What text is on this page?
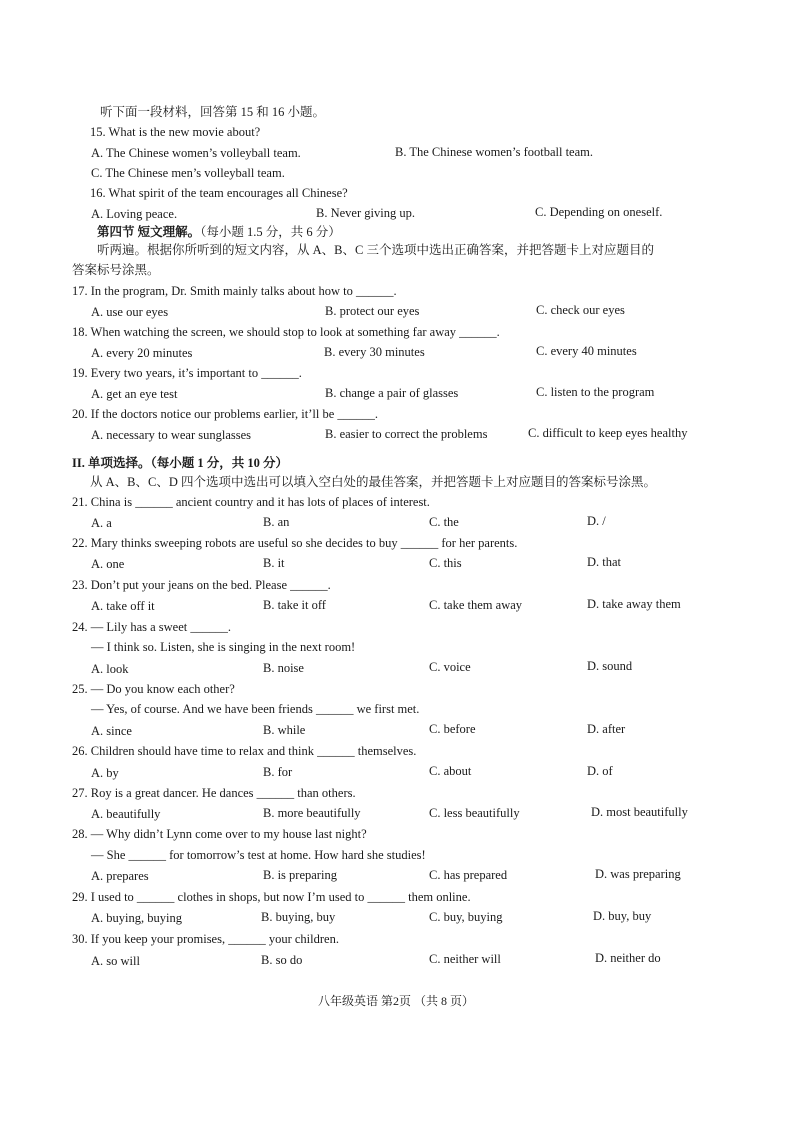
听下面一段材料，回答第 15 和 16 小题。
15. What is the new movie about?
A. The Chinese women’s volleyball team.	B. The Chinese women’s football team.
C. The Chinese men’s volleyball team.
16. What spirit of the team encourages all Chinese?
A. Loving peace.	B. Never giving up.	C. Depending on oneself.
第四节 短文理解。（每小题 1.5 分，共 6 分）
听两遍。根据你所听到的短文内容，从 A、B、C 三个选项中选出正确答案，并把答题卡上对应题目的
答案标号涂黑。
17. In the program, Dr. Smith mainly talks about how to ______.
A. use our eyes	B. protect our eyes	C. check our eyes
18. When watching the screen, we should stop to look at something far away ______.
A. every 20 minutes	B. every 30 minutes	C. every 40 minutes
19. Every two years, it’s important to ______.
A. get an eye test	B. change a pair of glasses	C. listen to the program
20. If the doctors notice our problems earlier, it’ll be ______.
A. necessary to wear sunglasses	B. easier to correct the problems	C. difficult to keep eyes healthy
II. 单项选择。（每小题 1 分，共 10 分）
从 A、B、C、D 四个选项中选出可以填入空白处的最佳答案，并把答题卡上对应题目的答案标号涂黑。
21. China is ______ ancient country and it has lots of places of interest.
A. a	B. an	C. the	D. /
22. Mary thinks sweeping robots are useful so she decides to buy ______ for her parents.
A. one	B. it	C. this	D. that
23. Don’t put your jeans on the bed. Please ______.
A. take off it	B. take it off	C. take them away	D. take away them
24. — Lily has a sweet ______.
— I think so. Listen, she is singing in the next room!
A. look	B. noise	C. voice	D. sound
25. — Do you know each other?
— Yes, of course. And we have been friends ______ we first met.
A. since	B. while	C. before	D. after
26. Children should have time to relax and think ______ themselves.
A. by	B. for	C. about	D. of
27. Roy is a great dancer. He dances ______ than others.
A. beautifully	B. more beautifully	C. less beautifully	D. most beautifully
28. — Why didn’t Lynn come over to my house last night?
— She ______ for tomorrow’s test at home. How hard she studies!
A. prepares	B. is preparing	C. has prepared	D. was preparing
29. I used to ______ clothes in shops, but now I’m used to ______ them online.
A. buying, buying	B. buying, buy	C. buy, buying	D. buy, buy
30. If you keep your promises, ______ your children.
A. so will	B. so do	C. neither will	D. neither do
八年级英语 第2页 （共 8 页）
